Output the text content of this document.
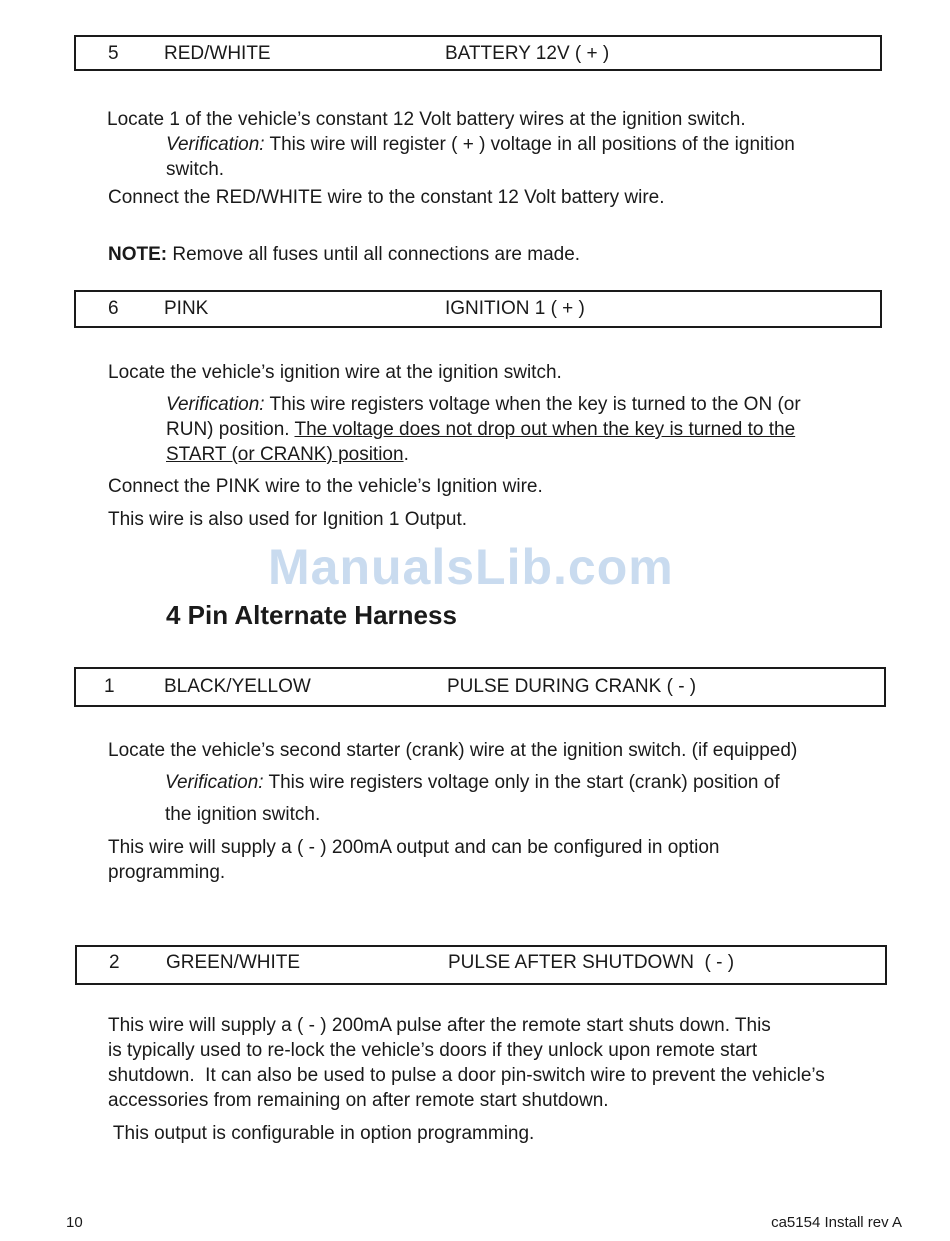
5 RED/WHITE	BATTERY 12V ( + )
Locate 1 of the vehicle’s constant 12 Volt battery wires at the ignition switch.
Verification: This wire will register ( + ) voltage in all positions of the ignition
switch.
Connect the RED/WHITE wire to the constant 12 Volt battery wire.
NOTE: Remove all fuses until all connections are made.
6 PINK	IGNITION 1 ( + )
Locate the vehicle’s ignition wire at the ignition switch.
Verification: This wire registers voltage when the key is turned to the ON (or
RUN) position. The voltage does not drop out when the key is turned to the
START (or CRANK) position.
Connect the PINK wire to the vehicle’s Ignition wire.
This wire is also used for Ignition 1 Output.
ManualsLib.com
4 Pin Alternate Harness
1	BLACK/YELLOW	PULSE DURING CRANK ( - )
Locate the vehicle’s second starter (crank) wire at the ignition switch. (if equipped)
Verification: This wire registers voltage only in the start (crank) position of
the ignition switch.
This wire will supply a ( - ) 200mA output and can be configured in option
programming.
2 GREEN/WHITE	PULSE AFTER SHUTDOWN  ( - )
This wire will supply a ( - ) 200mA pulse after the remote start shuts down. This
is typically used to re-lock the vehicle’s doors if they unlock upon remote start
shutdown.  It can also be used to pulse a door pin-switch wire to prevent the vehicle’s
accessories from remaining on after remote start shutdown.
This output is configurable in option programming.
10	ca5154 Install rev A
